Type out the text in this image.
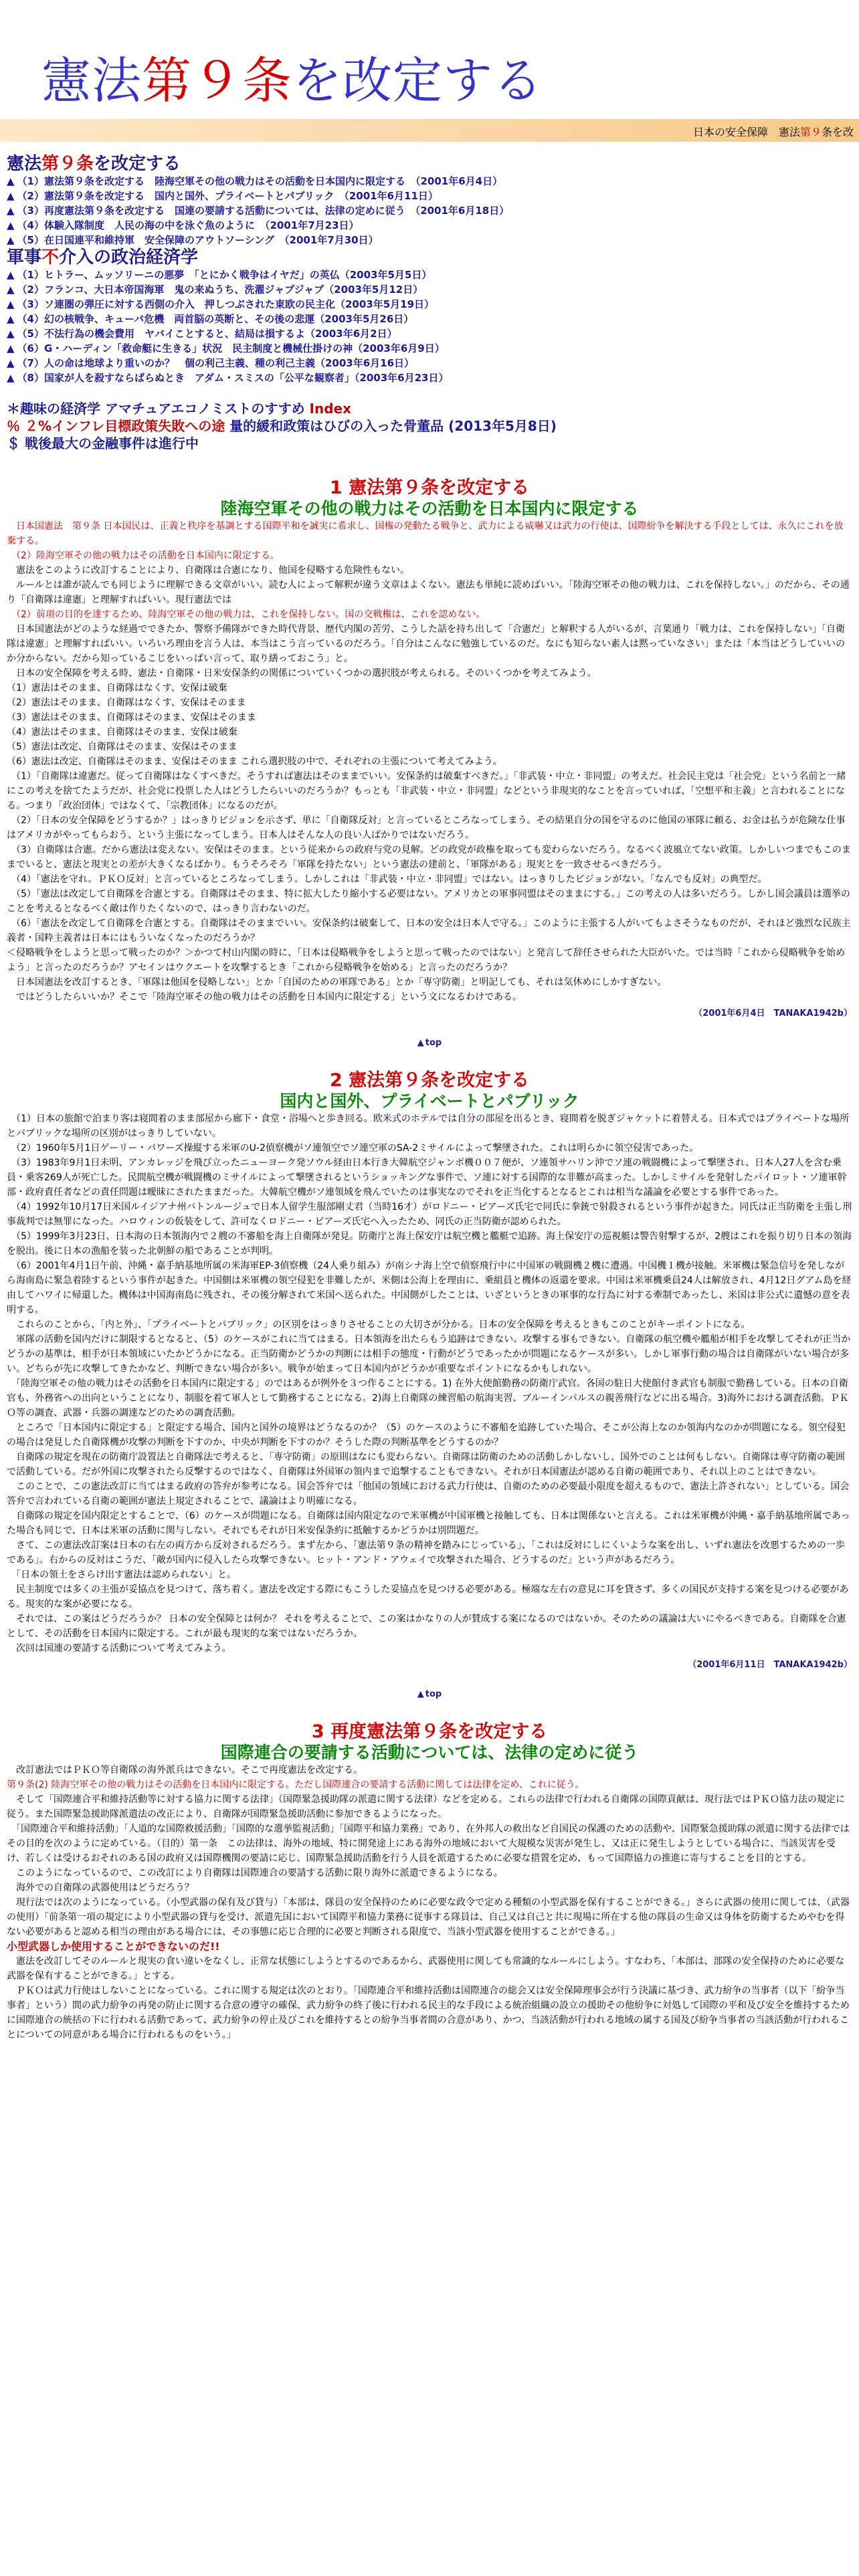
憲法第９条を改定する
日本の安全保障　憲法第９条を改
憲法第９条を改定する
▲ （1）憲法第９条を改定する　陸海空軍その他の戦力はその活動を日本国内に限定する　（2001年6月4日）
▲ （2）憲法第９条を改定する　国内と国外、プライベートとパブリック　（2001年6月11日）
▲ （3）再度憲法第９条を改定する　国連の要請する活動については、法律の定めに従う　（2001年6月18日）
▲ （4）体験入隊制度　人民の海の中を泳ぐ魚のように　（2001年7月23日）
▲ （5）在日国連平和維持軍　安全保障のアウトソーシング　（2001年7月30日）
軍事不介入の政治経済学
▲ （1）ヒトラー、ムッソリーニの悪夢　「とにかく戦争はイヤだ」の英仏（2003年5月5日）
▲ （2）フランコ、大日本帝国海軍　鬼の来ぬうち、洗濯ジャブジャブ（2003年5月12日）
▲ （3）ソ連圏の弾圧に対する西側の介入　押しつぶされた東欧の民主化（2003年5月19日）
▲ （4）幻の核戦争、キューバ危機　両首脳の英断と、その後の悲運（2003年5月26日）
▲ （5）不法行為の機会費用　ヤバイことすると、結局は損するよ（2003年6月2日）
▲ （6）G・ハーディン「救命艇に生きる」状況　民主制度と機械仕掛けの神（2003年6月9日）
▲ （7）人の命は地球より重いのか？　個の利己主義、種の利己主義（2003年6月16日）
▲ （8）国家が人を殺すならばらぬとき　アダム・スミスの「公平な観察者」（2003年6月23日）
＊趣味の経済学 アマチュアエコノミストのすすめ Index
％ ２%インフレ目標政策失敗への途 量的緩和政策はひびの入った骨董品 (2013年5月8日)
＄ 戦後最大の金融事件は進行中
1 憲法第９条を改定する
陸海空軍その他の戦力はその活動を日本国内に限定する

　日本国憲法　第９条 日本国民は、正義と秩序を基調とする国際平和を誠実に希求し、国権の発動たる戦争と、武力による威嚇又は武力の行使は、国際紛争を解決する手段としては、永久にこれを放棄する。

　（2）陸海空軍その他の戦力はその活動を日本国内に限定する。

　憲法をこのように改訂することにより、自衛隊は合憲になり、他国を侵略する危険性もない。

　ルールとは誰が読んでも同じように理解できる文章がいい。読む人によって解釈が違う文章はよくない。憲法も単純に読めばいい。「陸海空軍その他の戦力は、これを保持しない。」のだから、その通り「自衛隊は違憲」と理解すればいい。現行憲法では

　（2）前項の目的を達するため、陸海空軍その他の戦力は、これを保持しない。国の交戦権は、これを認めない。

　日本国憲法がどのような経過でできたか、警察予備隊ができた時代背景、歴代内閣の苦労、こうした話を持ち出して「合憲だ」と解釈する人がいるが、言葉通り「戦力は、これを保持しない」「自衛隊は違憲」と理解すればいい。いろいろ理由を言う人は、本当はこう言っているのだろう。「自分はこんなに勉強しているのだ。なにも知らない素人は黙っていなさい」または「本当はどうしていいのか分からない。だから知っているこじをいっぱい言って、取り繕っておこう」と。

　日本の安全保障を考える時、憲法・自衛隊・日米安保条約の関係についていくつかの選択肢が考えられる。そのいくつかを考えてみよう。

（1）憲法はそのまま、自衛隊はなくす、安保は破棄

（2）憲法はそのまま、自衛隊はなくす、安保はそのまま

（3）憲法はそのまま、自衛隊はそのまま、安保はそのまま

（4）憲法はそのまま、自衛隊はそのまま、安保は破棄

（5）憲法は改定、自衛隊はそのまま、安保はそのまま

（6）憲法は改定、自衛隊はそのまま、安保はそのまま これら選択肢の中で、それぞれの主張について考えてみよう。

　（1）「自衛隊は違憲だ。従って自衛隊はなくすべきだ。そうすれば憲法はそのままでいい。安保条約は破棄すべきだ。」「非武装・中立・非同盟」の考えだ。社会民主党は「社会党」という名前と一緒にこの考えを捨てたようだが、社会党に投票した人はどうしたらいいのだろうか？もっとも「非武装・中立・非同盟」などという非現実的なことを言っていれば、「空想平和主義」と言われることになる。つまり「政治団体」ではなくて、「宗教団体」になるのだが。

　（2）「日本の安全保障をどうするか？」はっきりビジョンを示さず、単に「自衛隊反対」と言っているところなってしまう。その結果自分の国を守るのに他国の軍隊に頼る、お金は払うが危険な仕事はアメリカがやってもらおう、という主張になってしまう。日本人はそんな人の良い人ばかりではないだろう。

　（3）自衛隊は合憲。だから憲法は変えない。安保はそのまま。という従来からの政府与党の見解。どの政党が政権を取っても変わらないだろう。なるべく波風立てない政策。しかしいつまでもこのままでいると、憲法と現実との差が大きくなるばかり。もうそろそろ「軍隊を持たない」という憲法の建前と、「軍隊がある」現実とを一致させるべきだろう。

　（4）「憲法を守れ。ＰＫＯ反対」と言っているところなってしまう。しかしこれは「非武装・中立・非同盟」ではない。はっきりしたビジョンがない。「なんでも反対」の典型だ。

　（5）「憲法は改定して自衛隊を合憲とする。自衛隊はそのまま、特に拡大したり縮小する必要はない。アメリカとの軍事同盟はそのままにする。」この考えの人は多いだろう。しかし国会議員は選挙のことを考えるとなるべく敵は作りたくないので、はっきり言わないのだ。

　（6）「憲法を改定して自衛隊を合憲とする。自衛隊はそのままでいい。安保条約は破棄して、日本の安全は日本人で守る。」このように主張する人がいてもよさそうなものだが、それほど強烈な民族主義者・国粋主義者は日本にはもういなくなったのだろうか？

＜侵略戦争をしようと思って戦ったのか？＞かつて村山内閣の時に、「日本は侵略戦争をしようと思って戦ったのではない」と発言して辞任させられた大臣がいた。では当時「これから侵略戦争を始めよう」と言ったのだろうか？アセインはウクエートを攻撃するとき「これから侵略戦争を始める」と言ったのだろうか？

　日本国憲法を改訂するとき、「軍隊は他国を侵略しない」とか「自国のための軍隊である」とか「専守防衛」と明記しても、それは気休めにしかすぎない。

　ではどうしたらいいか？そこで「陸海空軍その他の戦力はその活動を日本国内に限定する」という文になるわけである。

（2001年6月4日　TANAKA1942b）

▲ top

2 憲法第９条を改定する
国内と国外、プライベートとパブリック

　（1）日本の旅館で泊まり客は寝間着のまま部屋から廊下・食堂・浴場へと歩き回る。欧米式のホテルでは自分の部屋を出るとき、寝間着を脱ぎジャケットに着替える。日本式ではプライベートな場所とパブリックな場所の区別がはっきりしていない。

　（2）1960年5月1日ゲーリー・パワーズ操縦する米軍のU-2偵察機がソ連領空でソ連空軍のSA-2ミサイルによって撃墜された。これは明らかに領空侵害であった。

　（3）1983年9月1日未明、アンカレッジを飛び立ったニューヨーク発ソウル経由日本行き大韓航空ジャンボ機００７便が、ソ連領サハリン沖でソ連の戦闘機によって撃墜され、日本人27人を含む乗員・乗客269人が死亡した。民間航空機が戦闘機のミサイルによって撃墜されるというショッキングな事件で、ソ連に対する国際的な非難が高まった。しかしミサイルを発射したパイロット・ソ連軍幹部・政府責任者などの責任問題は曖昧にされたままだった。大韓航空機がソ連領域を飛んでいたのは事実なのでそれを正当化するとなるとこれは相当な議論を必要とする事件であった。

　（4）1992年10月17日米国ルイジアナ州バトンルージュで日本人留学生服部剛丈君（当時16才）がロドニー・ピアーズ氏宅で同氏に拳銃で射殺されるという事件が起きた。同氏は正当防衛を主張し刑事裁判では無罪になった。ハロウィンの仮装をして、許可なくロドニー・ピアーズ氏宅へ入ったため、同氏の正当防衛が認められた。

　（5）1999年3月23日、日本海の日本領海内で２艘の不審船を海上自衛隊が発見。防衛庁と海上保安庁は航空機と艦艇で追跡。海上保安庁の巡視艇は警告射撃するが、2艘はこれを振り切り日本の領海を脱出。後に日本の漁船を装った北朝鮮の船であることが判明。

　（6）2001年4月1日午前、沖縄・嘉手納基地所属の米海軍EP-3偵察機（24人乗り組み）が南シナ海上空で偵察飛行中に中国軍の戦闘機２機に遭遇。中国機１機が接触。米軍機は緊急信号を発しながら海南島に緊急着陸するという事件が起きた。中国側は米軍機の領空侵犯を非難したが、米側は公海上を理由に、乗組員と機体の返還を要求。中国は米軍機乗員24人は解放され、4月12日グアム島を経由してハワイに帰還した。機体は中国海南島に残され、その後分解されて米国へ送られた。中国側がしたことは、いざというときの軍事的な行為に対する牽制であったし、米国は非公式に遺憾の意を表明する。

　これらのことから、「内と外」、「プライベートとパブリック」の区別をはっきりさせることの大切さが分かる。日本の安全保障を考えるときもこのことがキーポイントになる。

　軍隊の活動を国内だけに制限するとなると、（5）のケースがこれに当てはまる。日本領海を出たらもう追跡はできない。攻撃する事もできない。自衛隊の航空機や艦船が相手を攻撃してそれが正当かどうかの基準は、相手が日本領域にいたかどうかになる。正当防衛かどうかの判断には相手の態度・行動がどうであったかが問題になるケースが多い。しかし軍事行動の場合は自衛隊がいない場合が多い。どちらが先に攻撃してきたかなど、判断できない場合が多い。戦争が始まって日本国内がどうかが重要なポイントになるかもしれない。

　「陸海空軍その他の戦力はその活動を日本国内に限定する」のではあるが例外を３つ作ることにする。1) 在外大使館勤務の防衛庁武官。各国の駐日大使館付き武官も制服で勤務している。日本の自衛官も、外務省への出向ということになり、制服を着て軍人として勤務することになる。2)海上自衛隊の練習船の航海実習、ブルーインパルスの親善飛行などに出る場合。3)海外における調査活動。ＰＫＯ等の調査、武器・兵器の調達などのための調査活動。

　ところで「日本国内に限定する」と限定する場合、国内と国外の境界はどうなるのか？（5）のケースのように不審船を追跡していた場合、そこが公海上なのか領海内なのかが問題になる。領空侵犯の場合は発見した自衛隊機が攻撃の判断を下すのか、中央が判断を下すのか？そうした際の判断基準をどうするのか？

　自衛隊の規定を現在の防衛庁設置法と自衛隊法で考えると、「専守防衛」の原則はなにも変わらない。自衛隊は防衛のための活動しかしないし、国外でのことは何もしない。自衛隊は専守防衛の範囲で活動している。だが外国に攻撃されたら反撃するのではなく、自衛隊は外国軍の領内まで追撃することもできない。それが日本国憲法が認める自衛の範囲であり、それ以上のことはできない。

　このことで、この憲法改訂に当てはまる政府の答弁が参考になる。国会答弁では「他国の領域における武力行使は、自衛のための必要最小限度を超えるもので、憲法上許されない」としている。国会答弁で言われている自衛の範囲が憲法上規定されることで、議論はより明確になる。

　自衛隊の規定を国内限定とすることで、（6）のケースが問題になる。自衛隊は国内限定なので米軍機が中国軍機と接触しても、日本は関係ないと言える。これは米軍機が沖縄・嘉手納基地所属であった場合も同じで、日本は米軍の活動に関与しない。それでもそれが日米安保条約に抵触するかどうかは別問題だ。

　さて、この憲法改訂案は日本の右左の両方から反対されるだろう。まず左から、「憲法第９条の精神を踏みにじっている」、「これは反対にしにくいような案を出し、いずれ憲法を改悪するための一歩である」。右からの反対はこうだ、「敵が国内に侵入したら攻撃できない。ヒット・アンド・アウェイで攻撃された場合、どうするのだ」という声があるだろう。

　「日本の領土をさらけ出す憲法は認められない」と。

　民主制度では多くの主張が妥協点を見つけて、落ち着く。憲法を改定する際にもこうした妥協点を見つける必要がある。極端な左右の意見に耳を貸さず、多くの国民が支持する案を見つける必要がある。現実的な案が必要になる。

　それでは、この案はどうだろうか？ 日本の安全保障とは何か？ それを考えることで、この案はかなりの人が賛成する案になるのではないか。そのための議論は大いにやるべきである。自衛隊を合憲として、その活動を日本国内に限定する。これが最も現実的な案ではないだろうか。

　次回は国連の要請する活動について考えてみよう。

（2001年6月11日　TANAKA1942b）

▲ top

3 再度憲法第９条を改定する
国際連合の要請する活動については、法律の定めに従う

　改訂憲法ではＰＫＯ等自衛隊の海外派兵はできない。そこで再度憲法を改定する。

第９条(2) 陸海空軍その他の戦力はその活動を日本国内に限定する。ただし国際連合の要請する活動に関しては法律を定め、これに従う。

　そして「国際連合平和維持活動等に対する協力に関する法律」（国際緊急援助隊の派遣に関する法律）などを定める。これらの法律で行われる自衛隊の国際貢献は、現行法ではＰＫＯ協力法の規定に従う。また国際緊急援助隊派遣法の改正により、自衛隊が国際緊急援助活動に参加できるようになった。

　「国際連合平和維持活動」「人道的な国際救援活動」「国際的な選挙監視活動」「国際平和協力業務」であり、在外邦人の救出など自国民の保護のための活動や、国際緊急援助隊の派遣に関する法律ではその目的を次のように定めている。（目的）第一条　この法律は、海外の地域、特に開発途上にある海外の地域において大規模な災害が発生し、又は正に発生しようとしている場合に、当該災害を受け、若しくは受けるおそれのある国の政府又は国際機関の要請に応じ、国際緊急援助活動を行う人員を派遣するために必要な措置を定め、もって国際協力の推進に寄与することを目的とする。

　このようになっているので、この改訂により自衛隊は国際連合の要請する活動に限り海外に派遣できるようになる。

　海外での自衛隊の武器使用はどうだろう？

　現行法では次のようになっている。（小型武器の保有及び貸与）「本部は、隊員の安全保持のために必要な政令で定める種類の小型武器を保有することができる。」さらに武器の使用に関しては、（武器の使用）「前条第一項の規定により小型武器の貸与を受け、派遣先国において国際平和協力業務に従事する隊員は、自己又は自己と共に現場に所在する他の隊員の生命又は身体を防衛するためやむを得ない必要があると認める相当の理由がある場合には、その事態に応じ合理的に必要と判断される限度で、当該小型武器を使用することができる。」

小型武器しか使用することができないのだ!!

　憲法を改訂してそのルールと現実の食い違いをなくし、正常な状態にしようとするのであるから、武器使用に関しても常識的なルールにしよう。すなわち、「本部は、部隊の安全保持のために必要な武器を保有することができる。」とする。

　ＰＫＯは武力行使はしないことになっている。これに関する規定は次のとおり。「国際連合平和維持活動は国際連合の総会又は安全保障理事会が行う決議に基づき、武力紛争の当事者（以下「紛争当事者」という）間の武力紛争の再発の防止に関する合意の遵守の確保、武力紛争の終了後に行われる民主的な手段による統治組織の設立の援助その他紛争に対処して国際の平和及び安全を維持するために国際連合の統括の下に行われる活動であって、武力紛争の停止及びこれを維持するとの紛争当事者間の合意があり、かつ、当該活動が行われる地域の属する国及び紛争当事者の当該活動が行われることについての同意がある場合に行われるものをいう。」
